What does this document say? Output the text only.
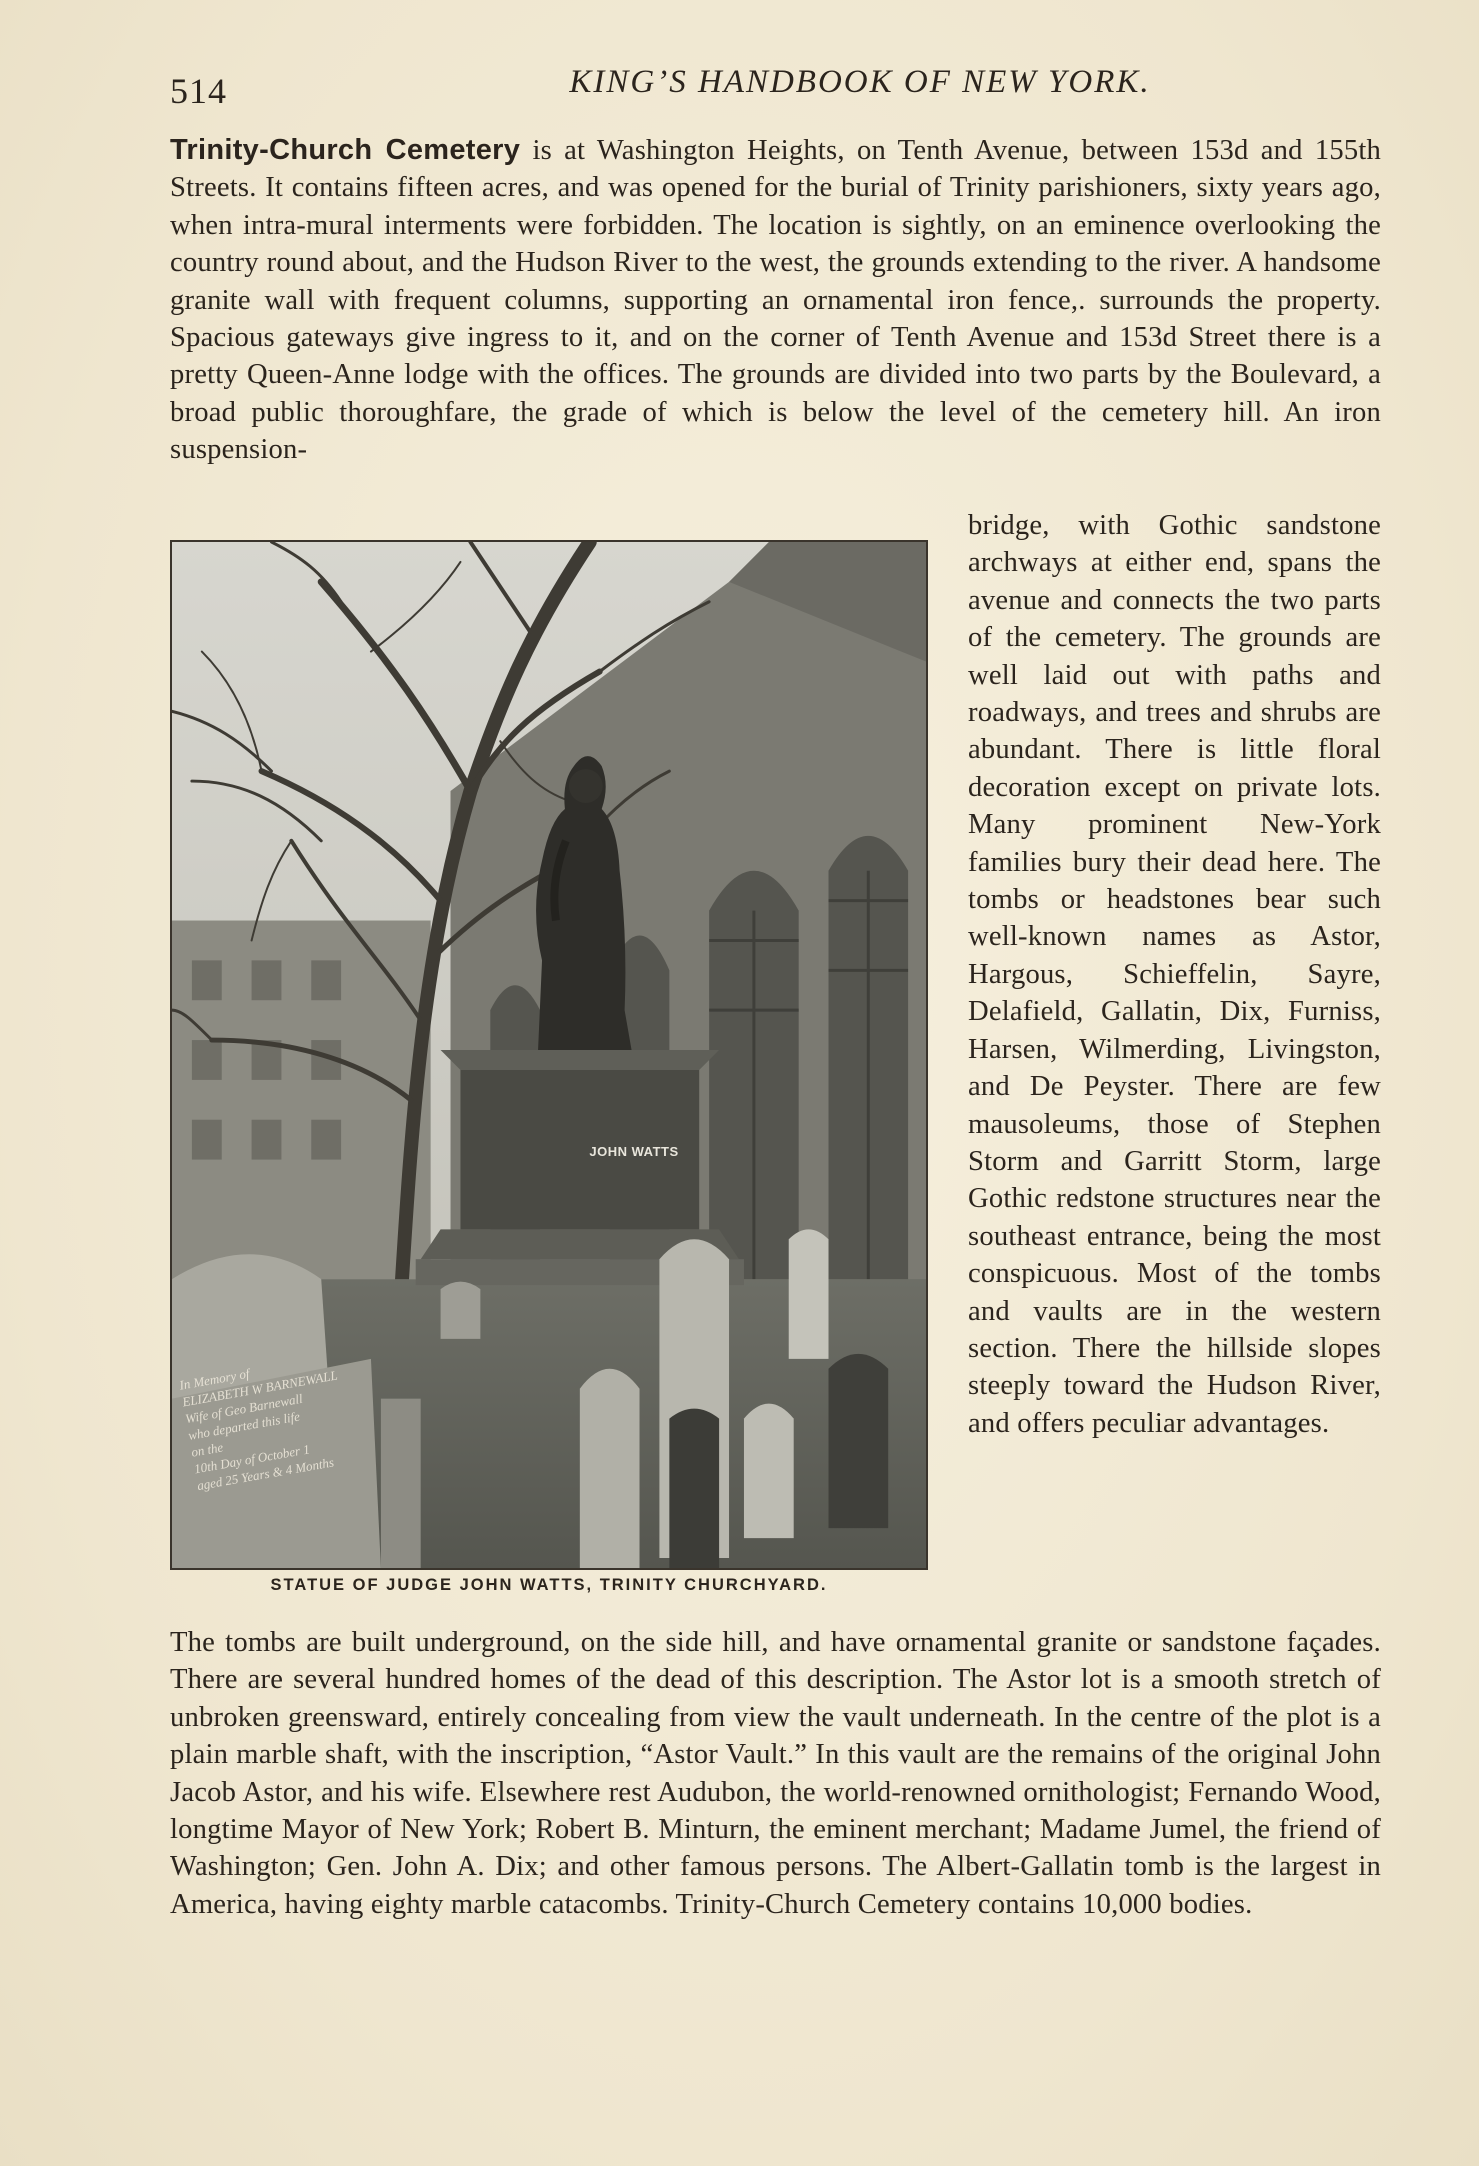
514	KING’S HANDBOOK OF NEW YORK.

Trinity-Church Cemetery is at Washington Heights, on Tenth Avenue, between 153d and 155th Streets. It contains fifteen acres, and was opened for the burial of Trinity parishioners, sixty years ago, when intra-mural interments were forbidden. The location is sightly, on an eminence overlooking the country round about, and the Hudson River to the west, the grounds extending to the river. A handsome granite wall with frequent columns, supporting an ornamental iron fence,. surrounds the property. Spacious gateways give ingress to it, and on the corner of Tenth Avenue and 153d Street there is a pretty Queen-Anne lodge with the offices. The grounds are divided into two parts by the Boulevard, a broad public thoroughfare, the grade of which is below the level of the cemetery hill. An iron suspension-

JOHN WATTS
In Memory of
ELIZABETH W BARNEWALL
Wife of Geo Barnewall
who departed this life
on the
10th Day of October 1
aged 25 Years & 4 Months
STATUE OF JUDGE JOHN WATTS, TRINITY CHURCHYARD.

bridge, with Gothic sandstone archways at either end, spans the avenue and connects the two parts of the cemetery. The grounds are well laid out with paths and roadways, and trees and shrubs are abundant. There is little floral decoration except on private lots. Many prominent New-York families bury their dead here. The tombs or headstones bear such well-known names as Astor, Hargous, Schieffelin, Sayre, Delafield, Gallatin, Dix, Furniss, Harsen, Wilmerding, Livingston, and De Peyster. There are few mausoleums, those of Stephen Storm and Garritt Storm, large Gothic redstone structures near the southeast entrance, being the most conspicuous. Most of the tombs and vaults are in the western section. There the hillside slopes steeply toward the Hudson River, and offers peculiar advantages.

The tombs are built underground, on the side hill, and have ornamental granite or sandstone façades. There are several hundred homes of the dead of this description. The Astor lot is a smooth stretch of unbroken greensward, entirely concealing from view the vault underneath. In the centre of the plot is a plain marble shaft, with the inscription, “Astor Vault.” In this vault are the remains of the original John Jacob Astor, and his wife. Elsewhere rest Audubon, the world-renowned ornithologist; Fernando Wood, longtime Mayor of New York; Robert B. Minturn, the eminent merchant; Madame Jumel, the friend of Washington; Gen. John A. Dix; and other famous persons. The Albert-Gallatin tomb is the largest in America, having eighty marble catacombs. Trinity-Church Cemetery contains 10,000 bodies.
